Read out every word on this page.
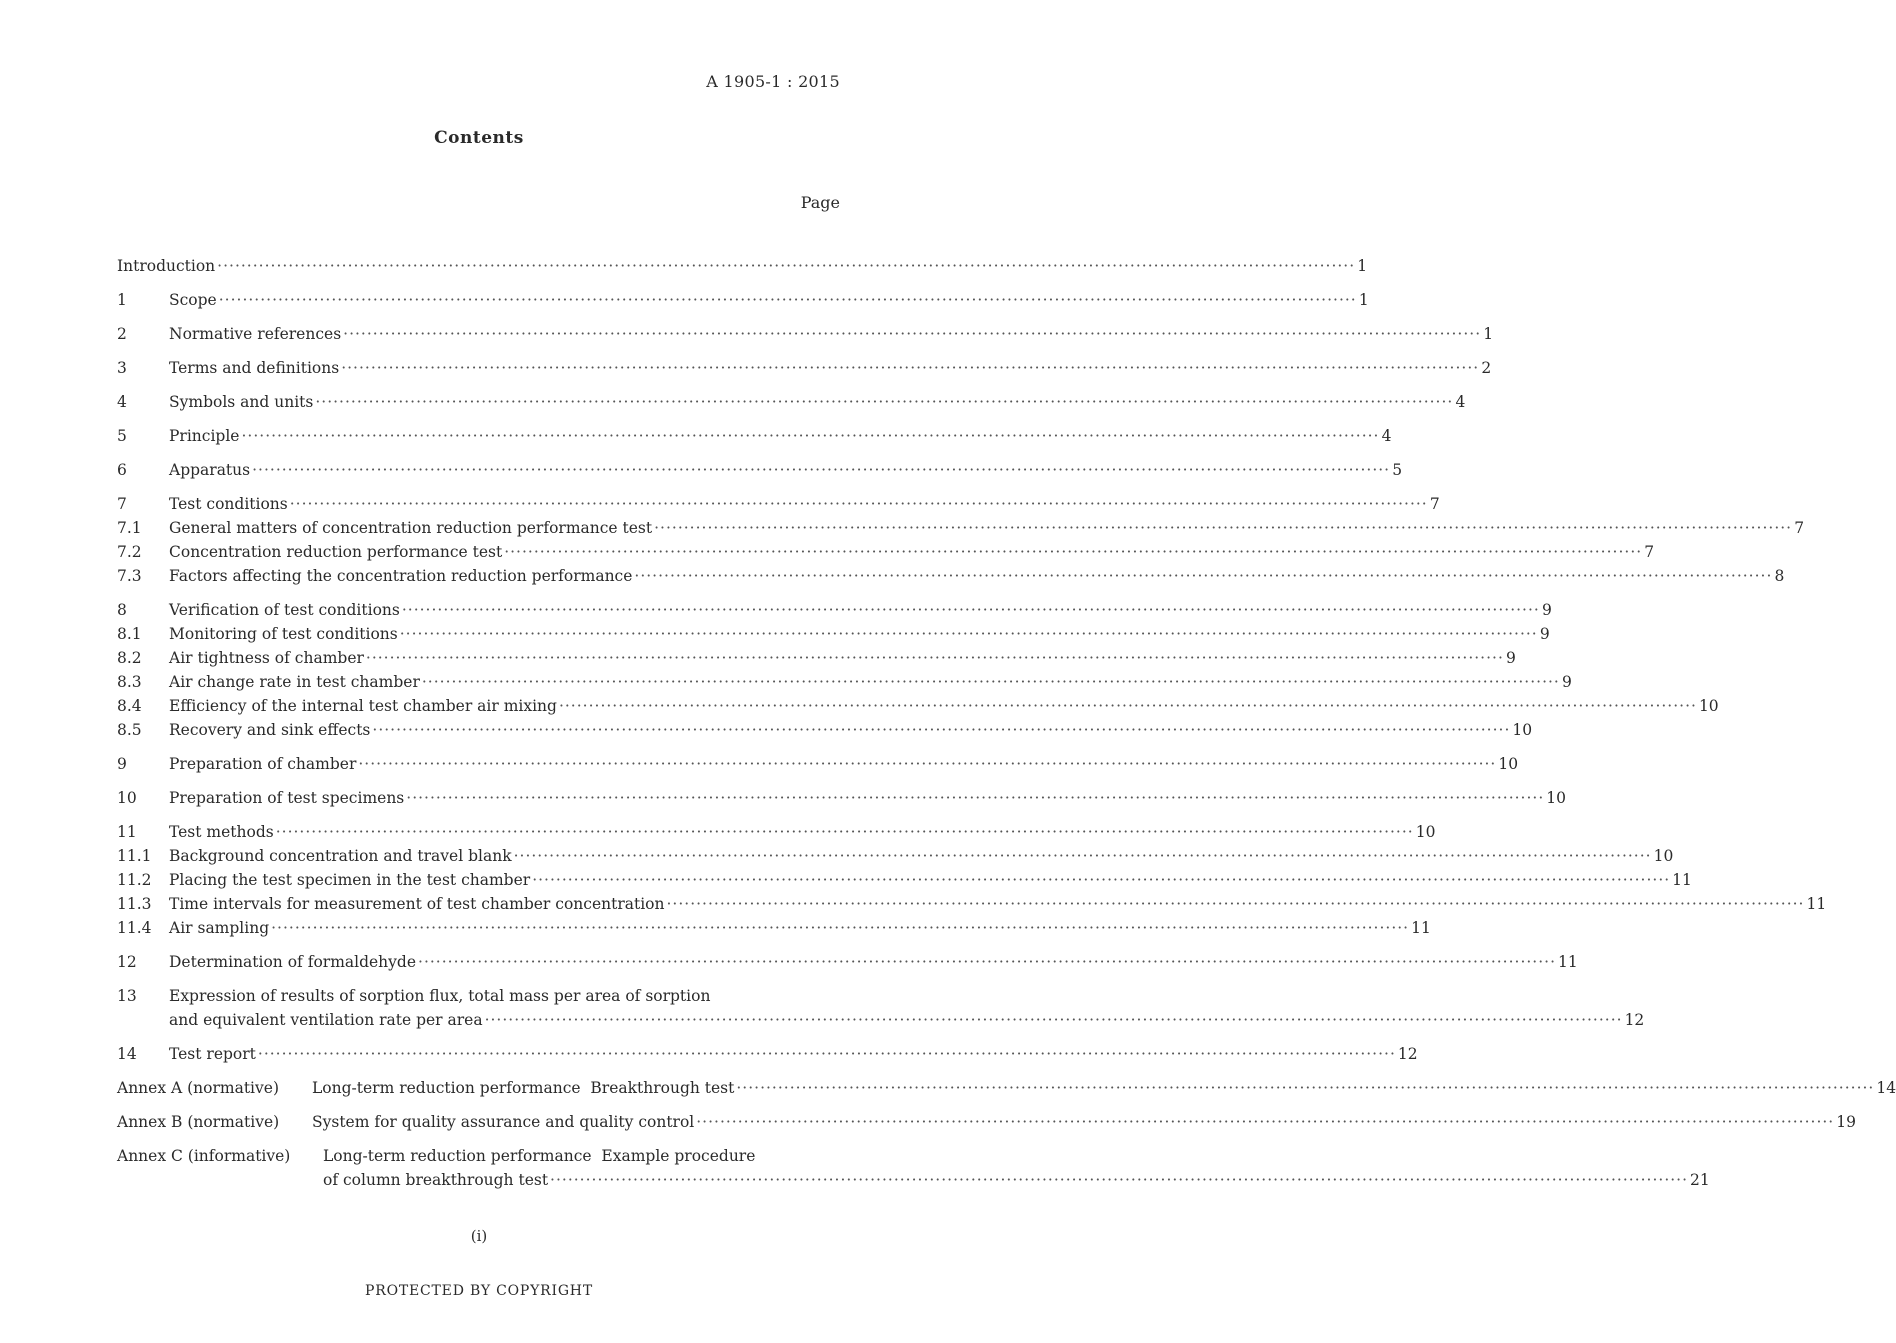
A 1905-1 : 2015
Contents
Page
Introduction ·····	1
1	Scope ·····	1
2	Normative references ·····	1
3	Terms and definitions ·····	2
4	Symbols and units ·····	4
5	Principle ·····	4
6	Apparatus ·····	5
7	Test conditions ·····	7
7.1	General matters of concentration reduction performance test ·····	7
7.2	Concentration reduction performance test ·····	7
7.3	Factors affecting the concentration reduction performance ·····	8
8	Verification of test conditions ·····	9
8.1	Monitoring of test conditions ·····	9
8.2	Air tightness of chamber ·····	9
8.3	Air change rate in test chamber ·····	9
8.4	Efficiency of the internal test chamber air mixing ·····	10
8.5	Recovery and sink effects ·····	10
9	Preparation of chamber ·····	10
10	Preparation of test specimens ·····	10
11	Test methods ·····	10
11.1	Background concentration and travel blank ·····	10
11.2	Placing the test specimen in the test chamber ·····	11
11.3	Time intervals for measurement of test chamber concentration ·····	11
11.4	Air sampling ·····	11
12	Determination of formaldehyde ·····	11
13	Expression of results of sorption flux, total mass per area of sorption
and equivalent ventilation rate per area ·····	12
14	Test report ·····	12
Annex A (normative)	Long-term reduction performance  Breakthrough test ·····	14
Annex B (normative)	System for quality assurance and quality control ·····	19
Annex C (informative)	Long-term reduction performance  Example procedure
of column breakthrough test ·····	21
(i)
PROTECTED BY COPYRIGHT
